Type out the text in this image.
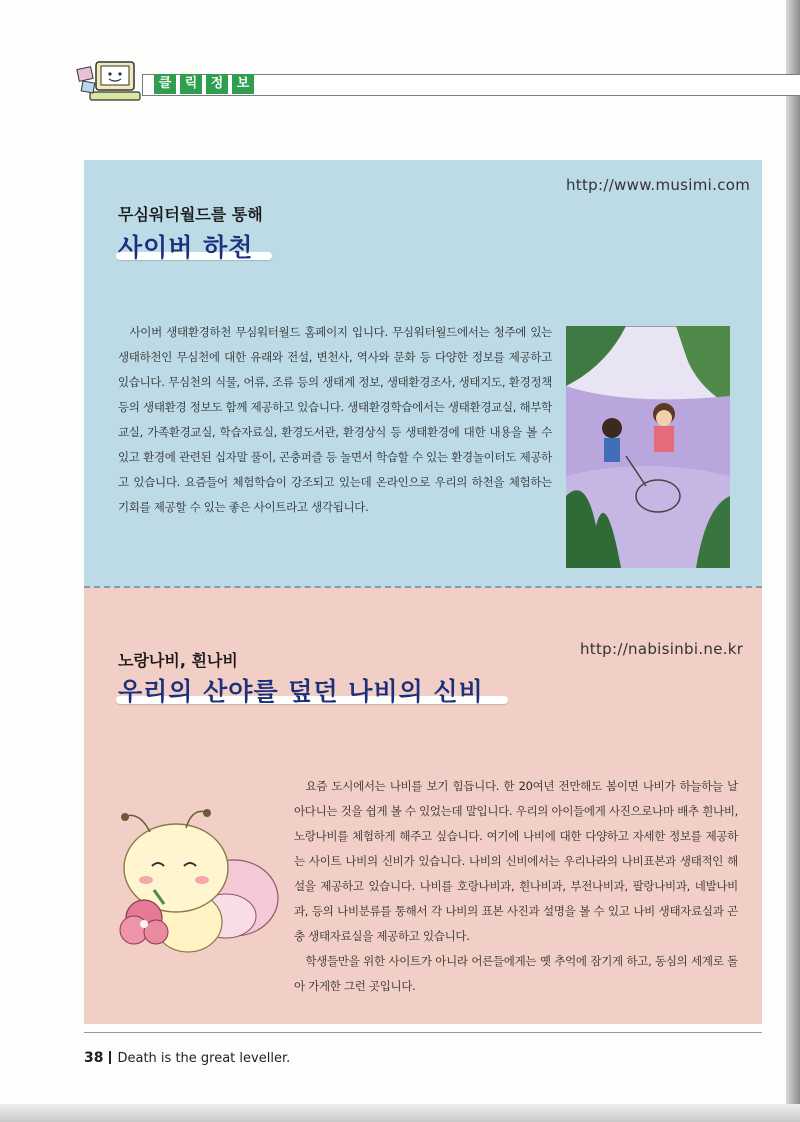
클	릭	정	보
http://www.musimi.com
무심워터월드를 통해
사이버 하천
사이버 생태환경하천 무심워터월드 홈페이지 입니다. 무심워터월드에서는 청주에 있는 생태하천인 무심천에 대한 유래와 전설, 변천사, 역사와 문화 등 다양한 정보를 제공하고 있습니다. 무심천의 식물, 어류, 조류 등의 생태계 정보, 생태환경조사, 생태지도, 환경정책 등의 생태환경 정보도 함께 제공하고 있습니다. 생태환경학습에서는 생태환경교실, 해부학교실, 가족환경교실, 학습자료실, 환경도서관, 환경상식 등 생태환경에 대한 내용을 볼 수 있고 환경에 관련된 십자말 풀이, 곤충퍼즐 등 놀면서 학습할 수 있는 환경놀이터도 제공하고 있습니다. 요즘들어 체험학습이 강조되고 있는데 온라인으로 우리의 하천을 체험하는 기회를 제공할 수 있는 좋은 사이트라고 생각됩니다.
http://nabisinbi.ne.kr
노랑나비, 흰나비
우리의 산야를 덮던 나비의 신비

요즘 도시에서는 나비를 보기 힘듭니다. 한 20여년 전만해도 봄이면 나비가 하늘하늘 날아다니는 것을 쉽게 볼 수 있었는데 말입니다. 우리의 아이들에게 사진으로나마 배추 흰나비, 노랑나비를 체험하게 해주고 싶습니다. 여기에 나비에 대한 다양하고 자세한 정보를 제공하는 사이트 나비의 신비가 있습니다. 나비의 신비에서는 우리나라의 나비표본과 생태적인 해설을 제공하고 있습니다. 나비를 호랑나비과, 흰나비과, 부전나비과, 팔랑나비과, 네발나비과, 등의 나비분류를 통해서 각 나비의 표본 사진과 설명을 볼 수 있고 나비 생태자료실과 곤충 생태자료실을 제공하고 있습니다.

학생들만을 위한 사이트가 아니라 어른들에게는 옛 추억에 잠기게 하고, 동심의 세계로 돌아 가게한 그런 곳입니다.

38 Death is the great leveller.
